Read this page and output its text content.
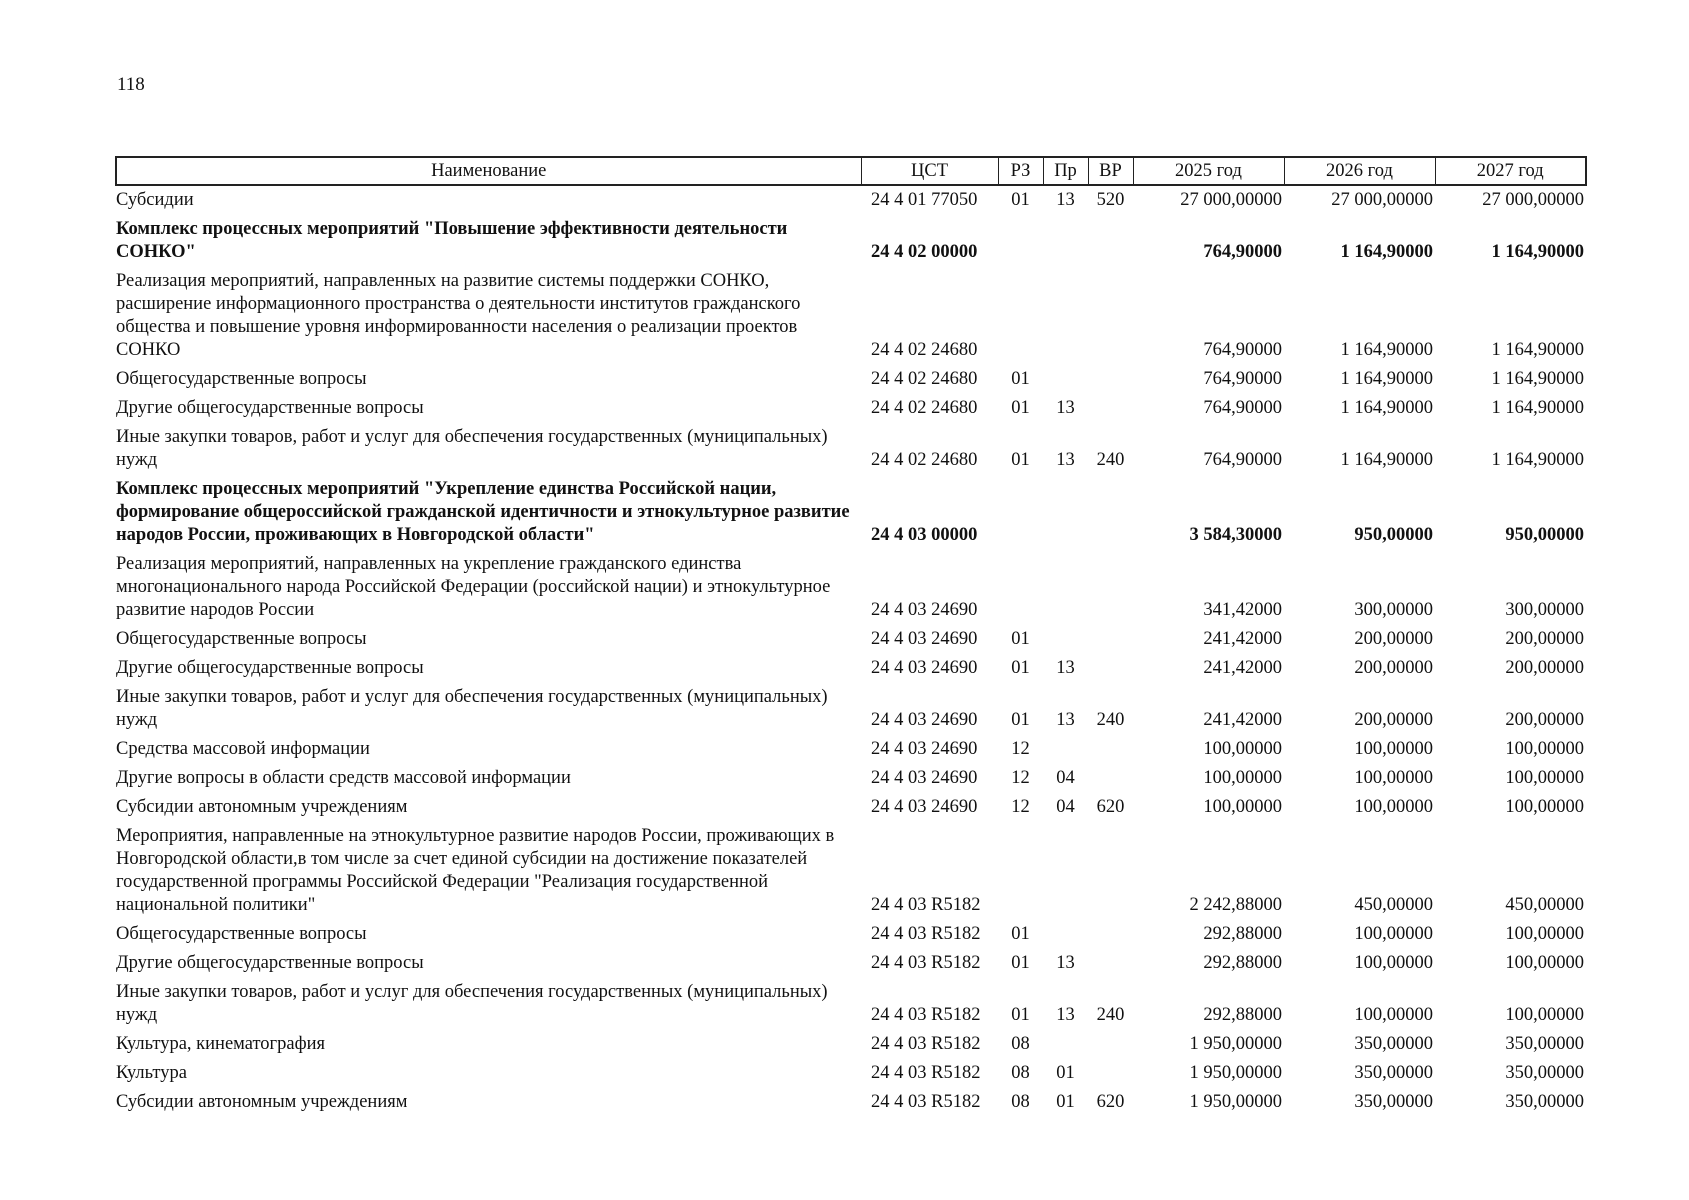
118
Наименование	ЦСТ	РЗ	Пр	ВР	2025 год	2026 год	2027 год
Субсидии	24 4 01 77050	01	13	520	27 000,00000	27 000,00000	27 000,00000
Комплекс процессных мероприятий "Повышение эффективности деятельности СОНКО"	24 4 02 00000				764,90000	1 164,90000	1 164,90000
Реализация мероприятий, направленных на развитие системы поддержки СОНКО, расширение информационного пространства о деятельности институтов гражданского общества и повышение уровня информированности населения о реализации проектов СОНКО	24 4 02 24680				764,90000	1 164,90000	1 164,90000
Общегосударственные вопросы	24 4 02 24680	01			764,90000	1 164,90000	1 164,90000
Другие общегосударственные вопросы	24 4 02 24680	01	13		764,90000	1 164,90000	1 164,90000
Иные закупки товаров, работ и услуг для обеспечения государственных (муниципальных) нужд	24 4 02 24680	01	13	240	764,90000	1 164,90000	1 164,90000
Комплекс процессных мероприятий "Укрепление единства Российской нации, формирование общероссийской гражданской идентичности и этнокультурное развитие народов России, проживающих в Новгородской области"	24 4 03 00000				3 584,30000	950,00000	950,00000
Реализация мероприятий, направленных на укрепление гражданского единства многонационального народа Российской Федерации (российской нации) и этнокультурное развитие народов России	24 4 03 24690				341,42000	300,00000	300,00000
Общегосударственные вопросы	24 4 03 24690	01			241,42000	200,00000	200,00000
Другие общегосударственные вопросы	24 4 03 24690	01	13		241,42000	200,00000	200,00000
Иные закупки товаров, работ и услуг для обеспечения государственных (муниципальных) нужд	24 4 03 24690	01	13	240	241,42000	200,00000	200,00000
Средства массовой информации	24 4 03 24690	12			100,00000	100,00000	100,00000
Другие вопросы в области средств массовой информации	24 4 03 24690	12	04		100,00000	100,00000	100,00000
Субсидии автономным учреждениям	24 4 03 24690	12	04	620	100,00000	100,00000	100,00000
Мероприятия, направленные на этнокультурное развитие народов России, проживающих в Новгородской области,в том числе за счет единой субсидии на достижение показателей государственной программы Российской Федерации "Реализация государственной национальной политики"	24 4 03 R5182				2 242,88000	450,00000	450,00000
Общегосударственные вопросы	24 4 03 R5182	01			292,88000	100,00000	100,00000
Другие общегосударственные вопросы	24 4 03 R5182	01	13		292,88000	100,00000	100,00000
Иные закупки товаров, работ и услуг для обеспечения государственных (муниципальных) нужд	24 4 03 R5182	01	13	240	292,88000	100,00000	100,00000
Культура, кинематография	24 4 03 R5182	08			1 950,00000	350,00000	350,00000
Культура	24 4 03 R5182	08	01		1 950,00000	350,00000	350,00000
Субсидии автономным учреждениям	24 4 03 R5182	08	01	620	1 950,00000	350,00000	350,00000
